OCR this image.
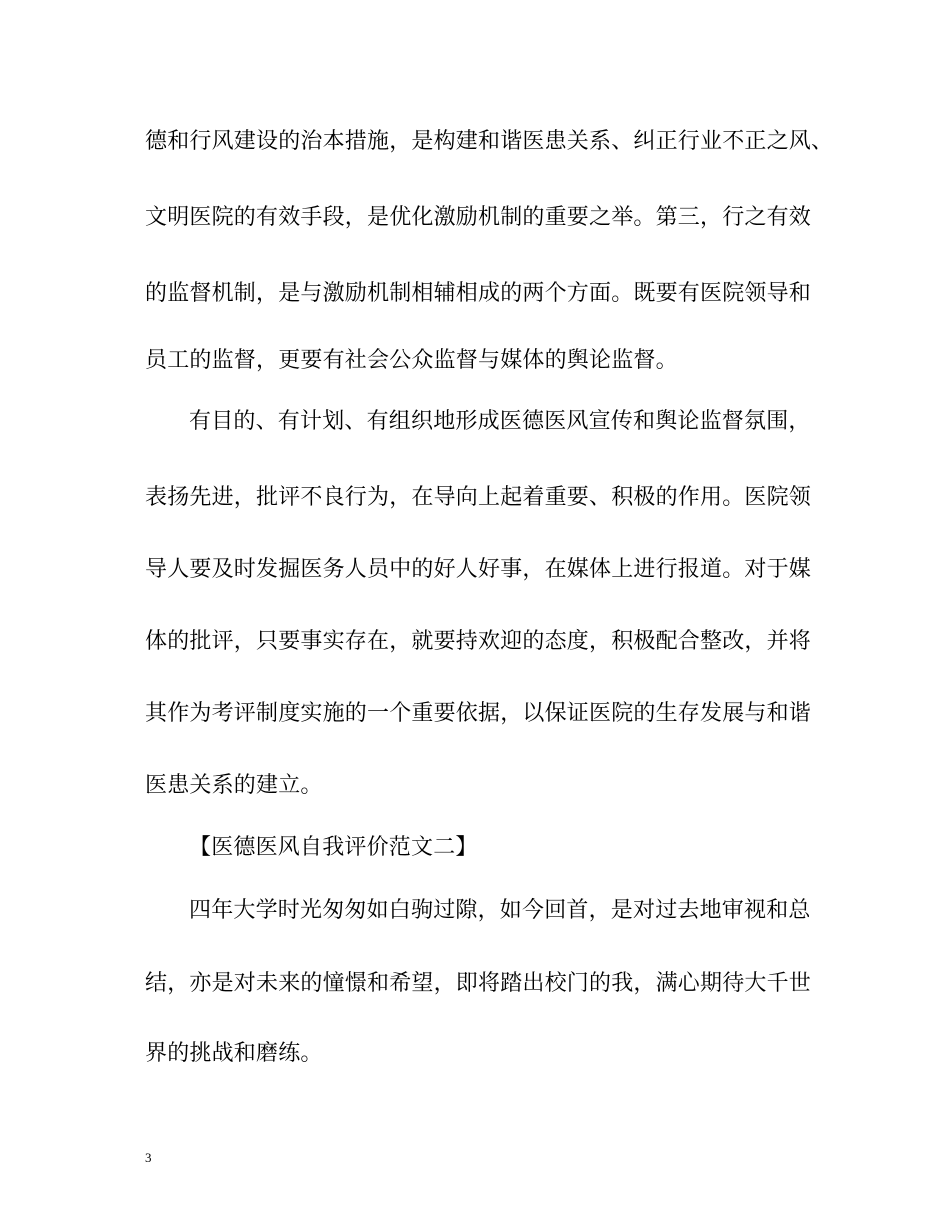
德和行风建设的治本措施，是构建和谐医患关系、纠正行业不正之风、
文明医院的有效手段，是优化激励机制的重要之举。第三，行之有效
的监督机制，是与激励机制相辅相成的两个方面。既要有医院领导和
员工的监督，更要有社会公众监督与媒体的舆论监督。
有目的、有计划、有组织地形成医德医风宣传和舆论监督氛围，
表扬先进，批评不良行为，在导向上起着重要、积极的作用。医院领
导人要及时发掘医务人员中的好人好事，在媒体上进行报道。对于媒
体的批评，只要事实存在，就要持欢迎的态度，积极配合整改，并将
其作为考评制度实施的一个重要依据，以保证医院的生存发展与和谐
医患关系的建立。
【医德医风自我评价范文二】
四年大学时光匆匆如白驹过隙，如今回首，是对过去地审视和总
结，亦是对未来的憧憬和希望，即将踏出校门的我，满心期待大千世
界的挑战和磨练。
3
